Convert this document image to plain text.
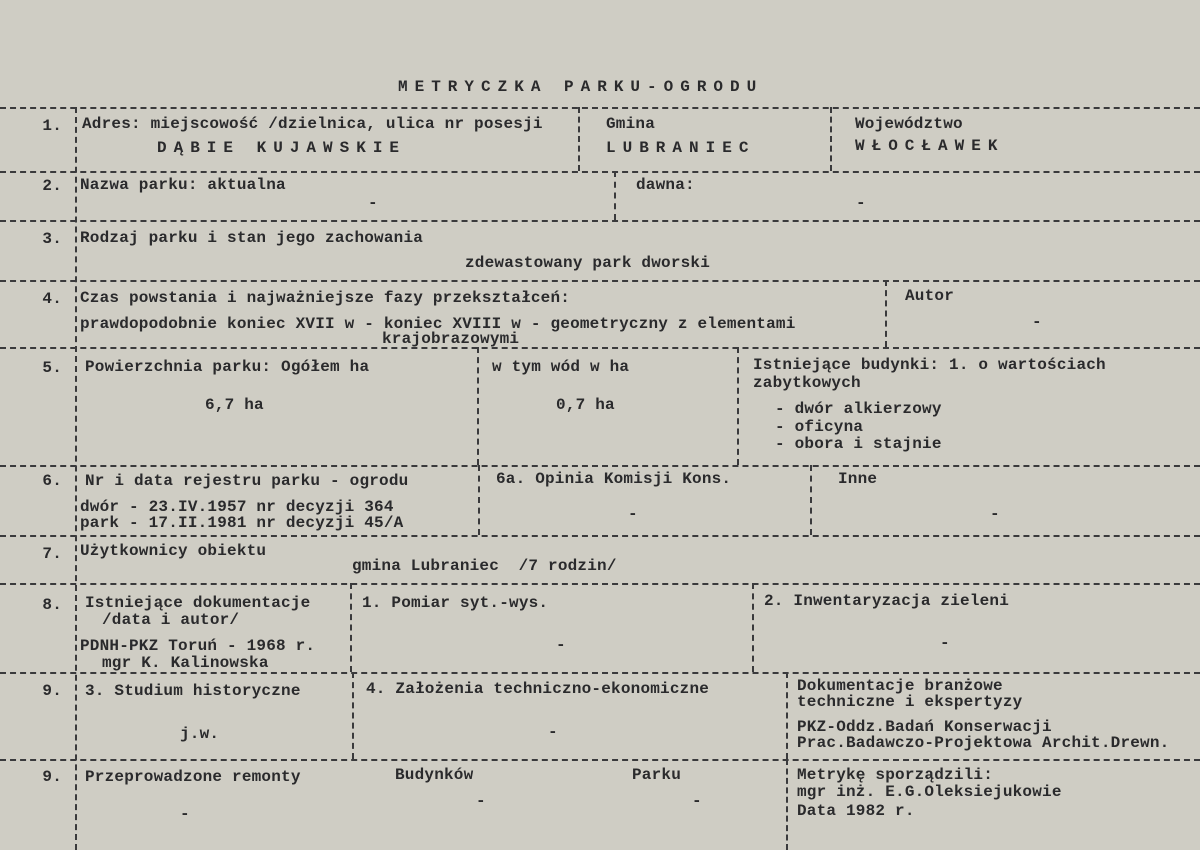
METRYCZKA PARKU-OGRODU
1. Adres: miejscowość /dzielnica, ulica nr posesji
DĄBIE KUJAWSKIE
Gmina
LUBRANIEC
Województwo
WŁOCŁAWEK
2. Nazwa parku: aktualna
-
dawna:
-
3. Rodzaj parku i stan jego zachowania
zdewastowany park dworski
4. Czas powstania i najważniejsze fazy przekształceń:
prawdopodobnie koniec XVII w - koniec XVIII w - geometryczny z elementami
krajobrazowymi
Autor
-
5. Powierzchnia parku: Ogółem ha
6,7 ha
w tym wód w ha
0,7 ha
Istniejące budynki: 1. o wartościach
zabytkowych
- dwór alkierzowy
- oficyna
- obora i stajnie
6. Nr i data rejestru parku - ogrodu
dwór - 23.IV.1957 nr decyzji 364
park - 17.II.1981 nr decyzji 45/A
6a. Opinia Komisji Kons.
-
Inne
-
7. Użytkownicy obiektu
gmina Lubraniec  /7 rodzin/
8. Istniejące dokumentacje
/data i autor/
PDNH-PKZ Toruń - 1968 r.
mgr K. Kalinowska
1. Pomiar syt.-wys.
-
2. Inwentaryzacja zieleni
-
9. 3. Studium historyczne
j.w.
4. Założenia techniczno-ekonomiczne
-
Dokumentacje branżowe
techniczne i ekspertyzy
PKZ-Oddz.Badań Konserwacji
Prac.Badawczo-Projektowa Archit.Drewn.
9. Przeprowadzone remonty
-
Budynków
-
Parku
-
Metrykę sporządzili:
mgr inż. E.G.Oleksiejukowie
Data 1982 r.
